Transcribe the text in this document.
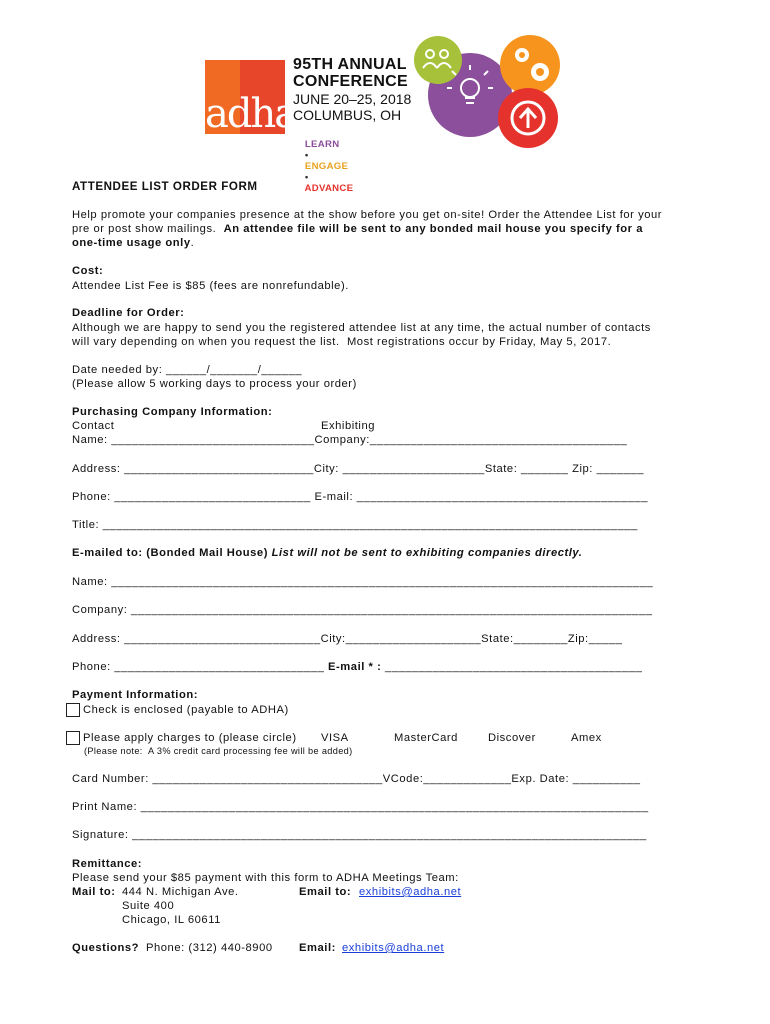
adha
95TH ANNUAL
CONFERENCE
JUNE 20–25, 2018
COLUMBUS, OH

LEARN
•
ENGAGE
•
ADVANCE

ATTENDEE LIST ORDER FORM
Help promote your companies presence at the show before you get on-site! Order the Attendee List for your
pre or post show mailings.  An attendee file will be sent to any bonded mail house you specify for a
one-time usage only.
Cost:
Attendee List Fee is $85 (fees are nonrefundable).
Deadline for Order:
Although we are happy to send you the registered attendee list at any time, the actual number of contacts
will vary depending on when you request the list.  Most registrations occur by Friday, May 5, 2017.
Date needed by: ______/_______/______
(Please allow 5 working days to process your order)
Purchasing Company Information:
Contact	Exhibiting
Name: ______________________________Company:______________________________________
Address: ____________________________City: _____________________State: _______ Zip: _______
Phone: _____________________________ E-mail: ___________________________________________
Title: _______________________________________________________________________________
E-mailed to: (Bonded Mail House) List will not be sent to exhibiting companies directly.
Name: ________________________________________________________________________________
Company: _____________________________________________________________________________
Address: _____________________________City:____________________State:________Zip:_____
Phone: _______________________________ E-mail * : ______________________________________
Payment Information:
Check is enclosed (payable to ADHA)
Please apply charges to (please circle) VISA	MasterCard	Discover	Amex
(Please note:  A 3% credit card processing fee will be added)
Card Number: __________________________________VCode:_____________Exp. Date: __________
Print Name: ___________________________________________________________________________
Signature: ____________________________________________________________________________
Remittance:
Please send your $85 payment with this form to ADHA Meetings Team:
Mail to: 444 N. Michigan Ave.
Suite 400
Chicago, IL 60611
Email to: exhibits@adha.net
Questions? Phone: (312) 440-8900 Email: exhibits@adha.net
